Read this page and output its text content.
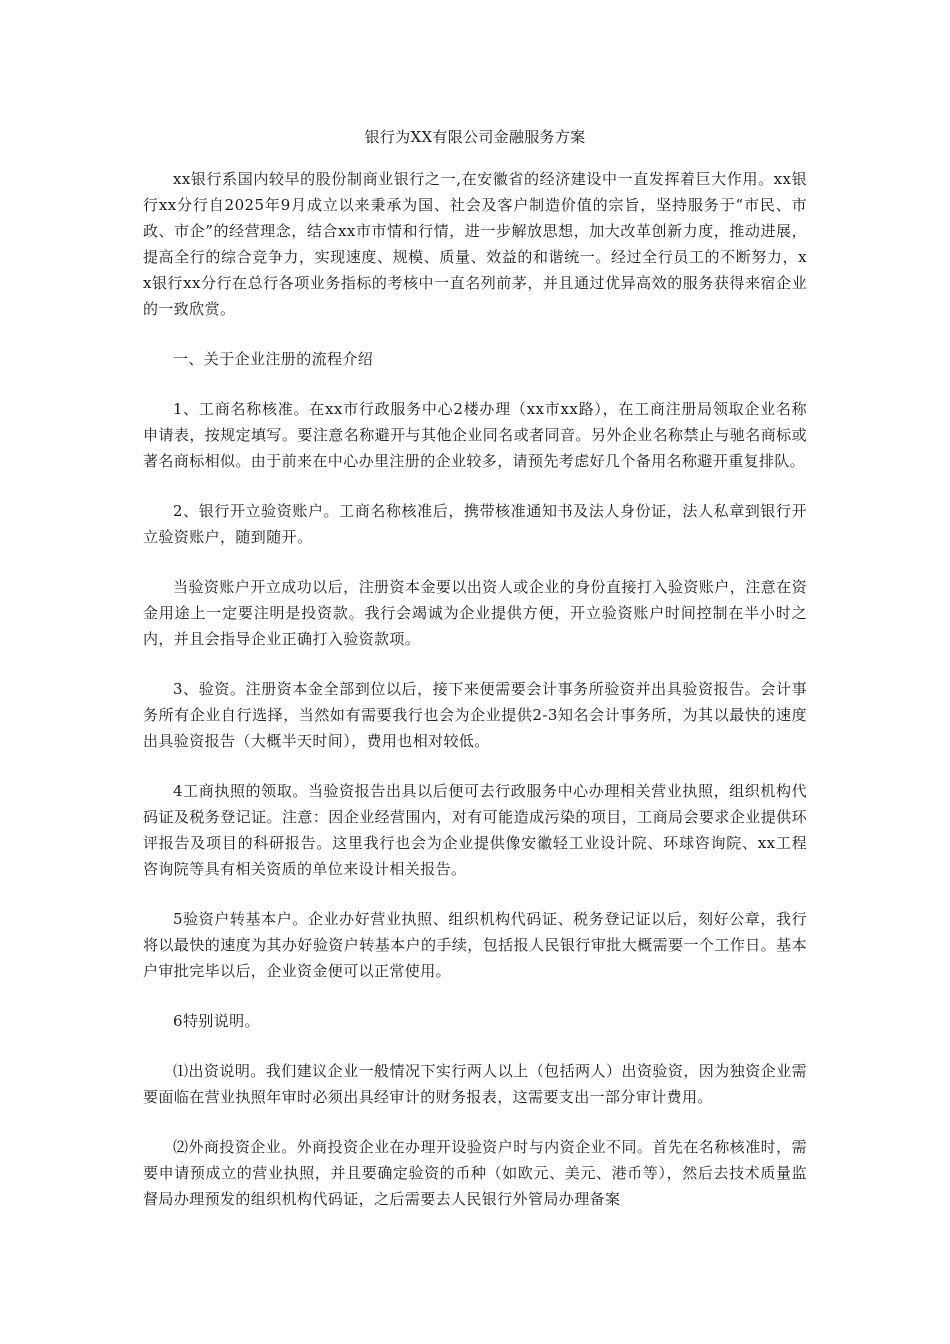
银行为XX有限公司金融服务方案

xx银行系国内较早的股份制商业银行之一,在安徽省的经济建设中一直发挥着巨大作用。xx银行xx分行自2025年9月成立以来秉承为国、社会及客户制造价值的宗旨，坚持服务于“市民、市政、市企”的经营理念，结合xx市市情和行情，进一步解放思想，加大改革创新力度，推动进展，提高全行的综合竞争力，实现速度、规模、质量、效益的和谐统一。经过全行员工的不断努力，xx银行xx分行在总行各项业务指标的考核中一直名列前茅，并且通过优异高效的服务获得来宿企业的一致欣赏。

一、关于企业注册的流程介绍

1、工商名称核准。在xx市行政服务中心2楼办理（xx市xx路），在工商注册局领取企业名称申请表，按规定填写。要注意名称避开与其他企业同名或者同音。另外企业名称禁止与驰名商标或著名商标相似。由于前来在中心办里注册的企业较多，请预先考虑好几个备用名称避开重复排队。

2、银行开立验资账户。工商名称核准后，携带核准通知书及法人身份证，法人私章到银行开立验资账户，随到随开。

当验资账户开立成功以后，注册资本金要以出资人或企业的身份直接打入验资账户，注意在资金用途上一定要注明是投资款。我行会竭诚为企业提供方便，开立验资账户时间控制在半小时之内，并且会指导企业正确打入验资款项。

3、验资。注册资本金全部到位以后，接下来便需要会计事务所验资并出具验资报告。会计事务所有企业自行选择，当然如有需要我行也会为企业提供2-3知名会计事务所，为其以最快的速度出具验资报告（大概半天时间），费用也相对较低。

4工商执照的领取。当验资报告出具以后便可去行政服务中心办理相关营业执照，组织机构代码证及税务登记证。注意：因企业经营围内，对有可能造成污染的项目，工商局会要求企业提供环评报告及项目的科研报告。这里我行也会为企业提供像安徽轻工业设计院、环球咨询院、xx工程咨询院等具有相关资质的单位来设计相关报告。

5验资户转基本户。企业办好营业执照、组织机构代码证、税务登记证以后，刻好公章，我行将以最快的速度为其办好验资户转基本户的手续，包括报人民银行审批大概需要一个工作日。基本户审批完毕以后，企业资金便可以正常使用。

6特别说明。

⑴出资说明。我们建议企业一般情况下实行两人以上（包括两人）出资验资，因为独资企业需要面临在营业执照年审时必须出具经审计的财务报表，这需要支出一部分审计费用。

⑵外商投资企业。外商投资企业在办理开设验资户时与内资企业不同。首先在名称核准时，需要申请预成立的营业执照，并且要确定验资的币种（如欧元、美元、港币等），然后去技术质量监督局办理预发的组织机构代码证，之后需要去人民银行外管局办理备案
